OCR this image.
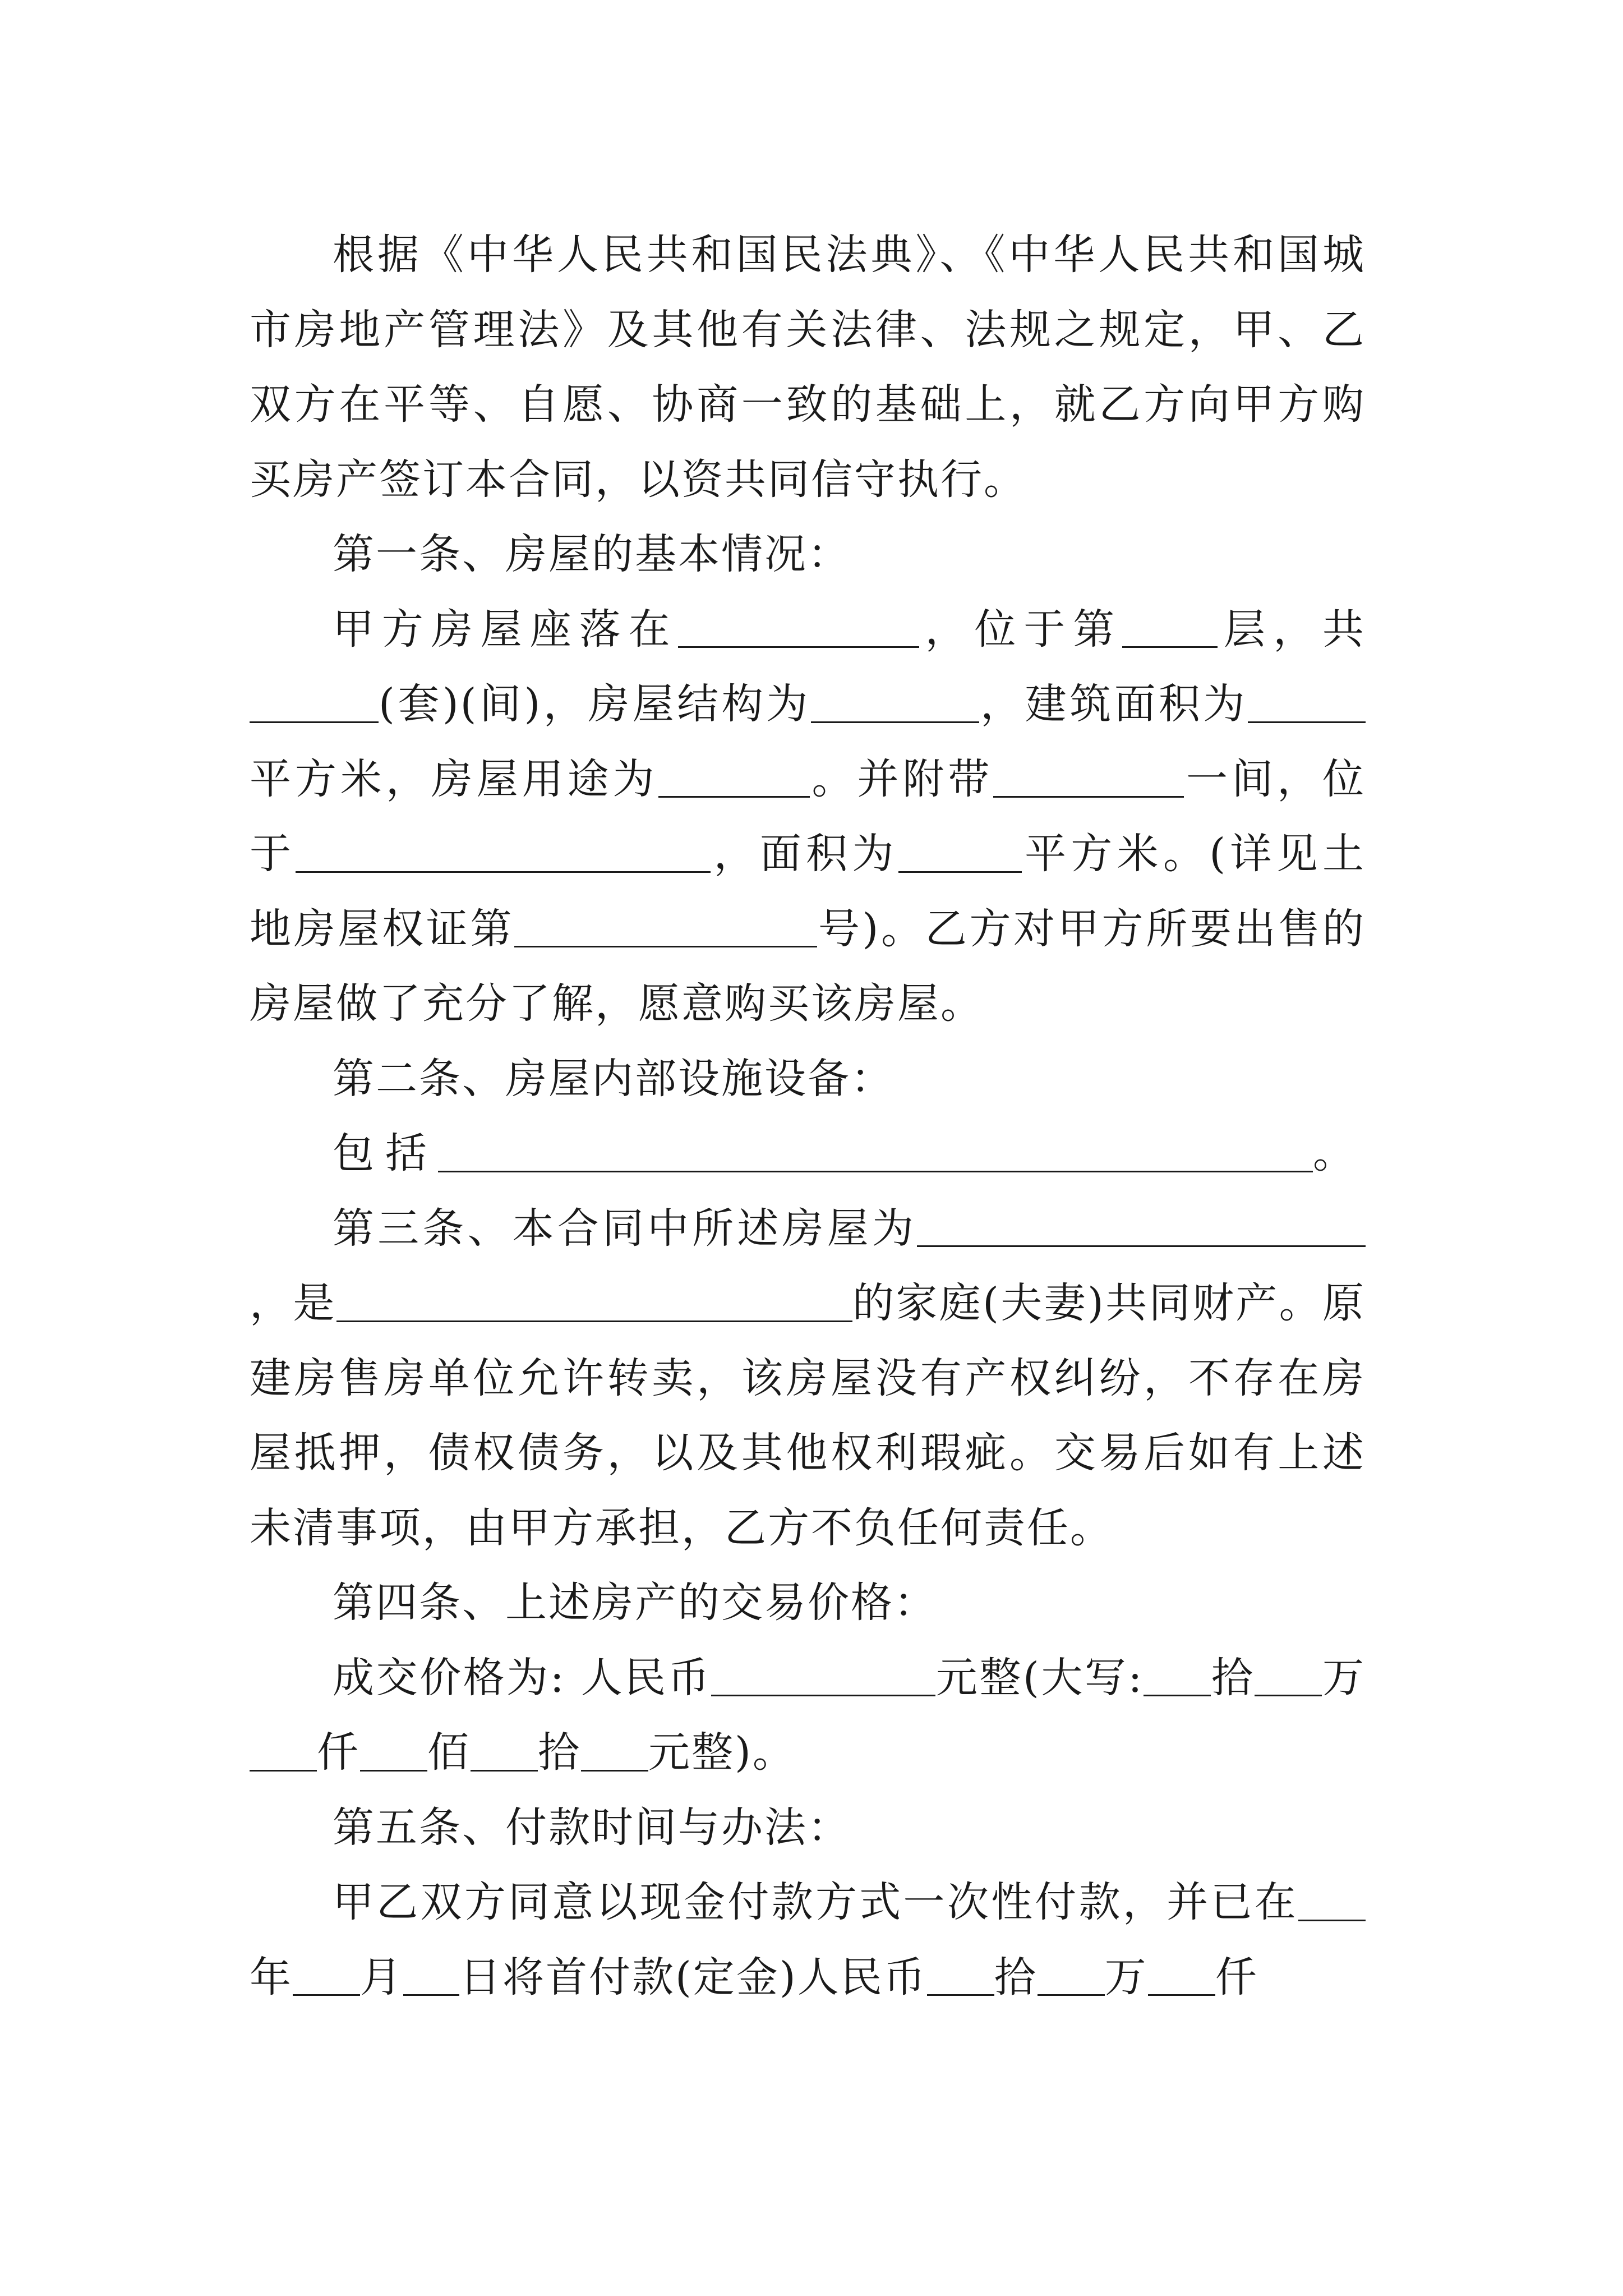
根据《中华人民共和国民法典》、《中华人民共和国城市房地产管理法》及其他有关法律、法规之规定，甲、乙双方在平等、自愿、协商一致的基础上，就乙方向甲方购买房产签订本合同，以资共同信守执行。

第一条、房屋的基本情况：

甲方房屋座落在	，位于第 层，共(套)(间)，房屋结构为	，建筑面积为平方米，房屋用途为	。并附带	一间，位于	，面积为	平方米。(详见土地房屋权证第	号)。乙方对甲方所要出售的房屋做了充分了解，愿意购买该房屋。

第二条、房屋内部设施设备：

包括	。

第三条、本合同中所述房屋为，是	的家庭(夫妻)共同财产。原建房售房单位允许转卖，该房屋没有产权纠纷，不存在房屋抵押，债权债务，以及其他权利瑕疵。交易后如有上述未清事项，由甲方承担，乙方不负任何责任。

第四条、上述房产的交易价格：

成交价格为: 人民币	元整(大写: 拾 万仟 佰 拾 元整)。

第五条、付款时间与办法：

甲乙双方同意以现金付款方式一次性付款，并已在年 月 日将首付款(定金)人民币 拾 万 仟
